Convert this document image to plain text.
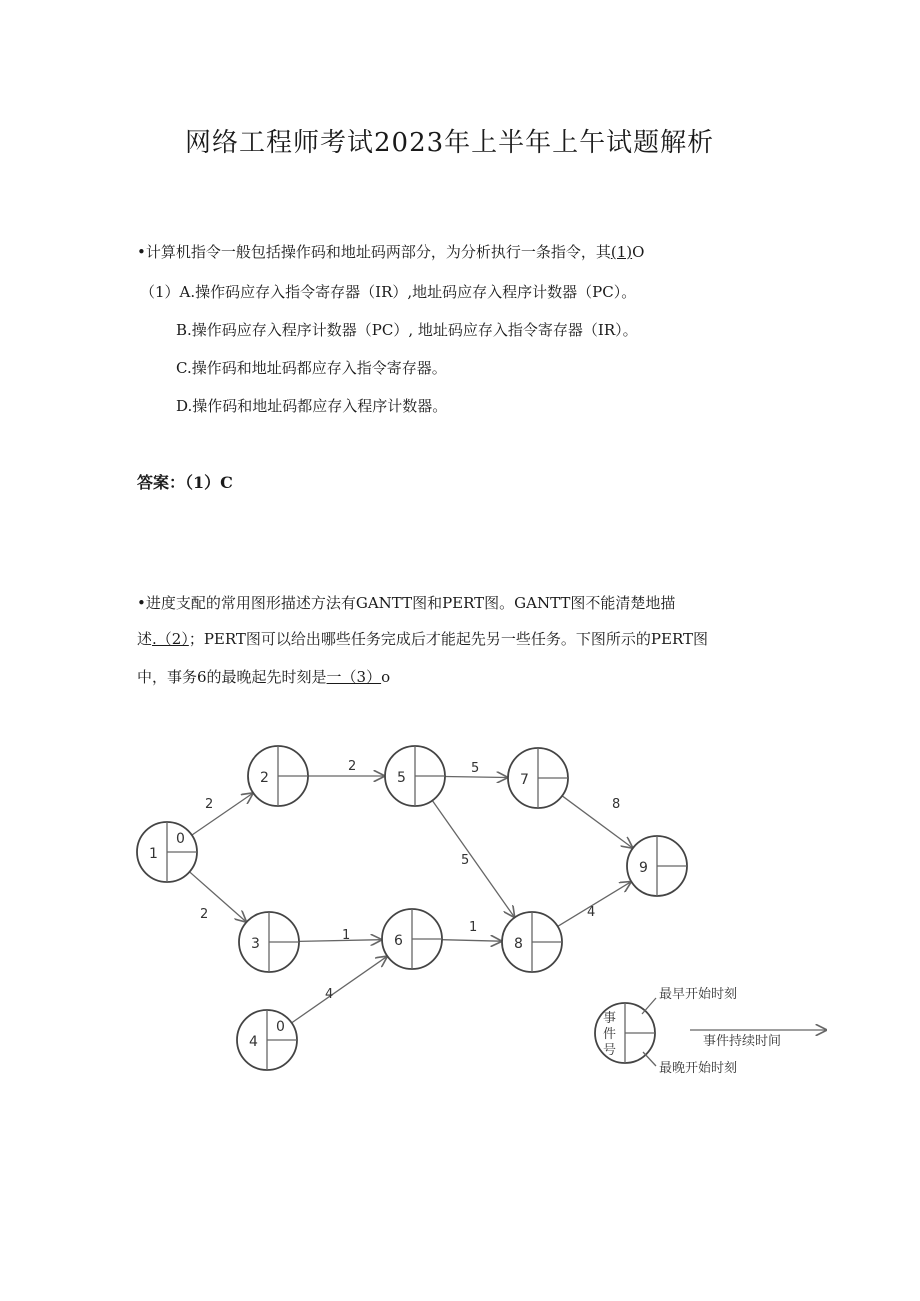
网络工程师考试2023年上半年上午试题解析
•计算机指令一般包括操作码和地址码两部分，为分析执行一条指令，其(1)O
（1）A.操作码应存入指令寄存器（IR）,地址码应存入程序计数器（PC）。
B.操作码应存入程序计数器（PC）, 地址码应存入指令寄存器（IR）。
C.操作码和地址码都应存入指令寄存器。
D.操作码和地址码都应存入程序计数器。
答案：（1）C
•进度支配的常用图形描述方法有GANTT图和PERT图。GANTT图不能清楚地描
述.（2）；PERT图可以给出哪些任务完成后才能起先另一些任务。下图所示的PERT图
中，事务6的最晚起先时刻是一（3）o
2
2
2	5
5
8
1
1
4
4
1
0
2
3
4
0
5
6
7
8
9
事
件
号
最早开始时刻
最晚开始时刻
事件持续时间
